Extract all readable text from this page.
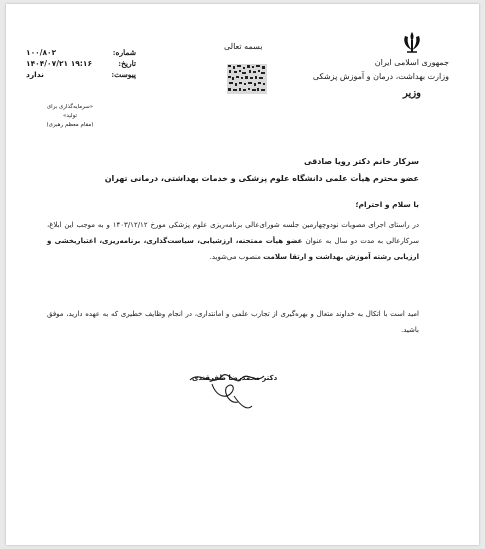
جمهوری اسلامی ایران
وزارت بهداشت، درمان و آموزش پزشکی
وزیر
بسمه تعالی
۱۰۰/۸۰۲	شماره:
۱۴۰۴/۰۷/۲۱ ۱۹:۱۶	تاریخ:
ندارد	پیوست:
«سرمایه‌گذاری برای تولید»
(مقام معظم رهبری)
سرکار خانم دکتر رویا صادقی
عضو محترم هیأت علمی دانشگاه علوم پزشکی و خدمات بهداشتی، درمانی تهران
با سلام و احترام؛
در راستای اجرای مصوبات نودوچهارمین جلسه شورای‌عالی برنامه‌ریزی علوم پزشکی مورخ ۱۴۰۳/۱۲/۱۲ و به موجب این ابلاغ، سرکارعالی به مدت دو سال به عنوان عضو هیأت ممتحنه، ارزشیابی، سیاست‌گذاری، برنامه‌ریزی، اعتباربخشی و ارزیابی رشته آموزش بهداشت و ارتقا سلامت منصوب می‌شوید.
امید است با اتکال به خداوند متعال و بهره‌گیری از تجارب علمی و امانتداری، در انجام وظایف خطیری که به عهده دارید، موفق باشید.
دکتر محمدرضا ظفرقندی
